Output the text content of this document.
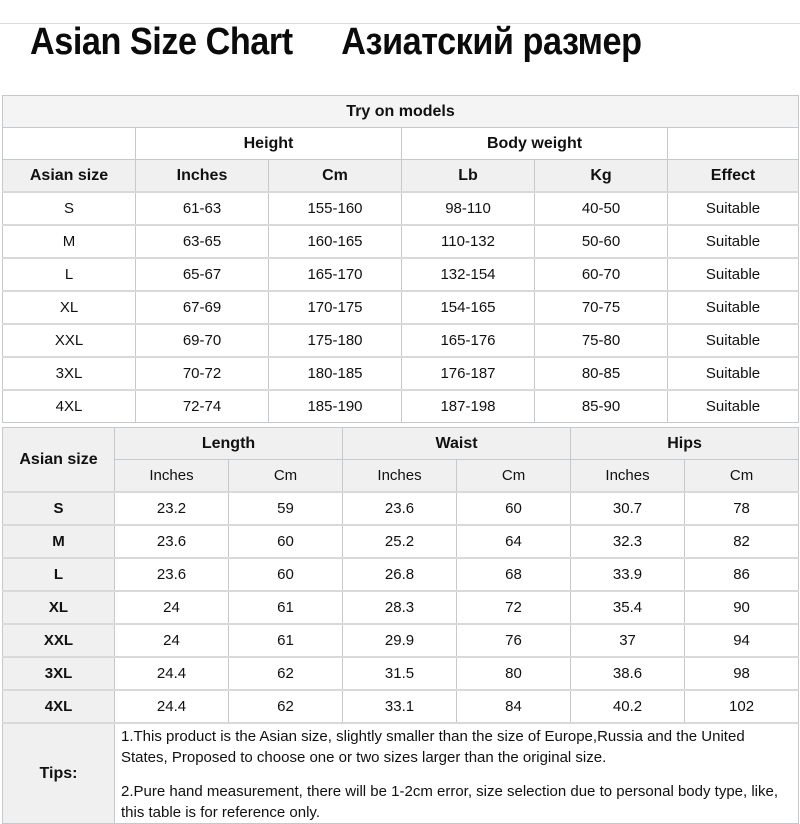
Asian Size Chart Азиатский размер
Try on models					
	Height		Body weight		
Asian size	Inches	Cm	Lb	Kg	Effect
S	61-63	155-160	98-110	40-50	Suitable
M	63-65	160-165	110-132	50-60	Suitable
L	65-67	165-170	132-154	60-70	Suitable
XL	67-69	170-175	154-165	70-75	Suitable
XXL	69-70	175-180	165-176	75-80	Suitable
3XL	70-72	180-185	176-187	80-85	Suitable
4XL	72-74	185-190	187-198	85-90	Suitable
Asian size	Length		Waist		Hips	
	Inches	Cm	Inches	Cm	Inches	Cm
S	23.2	59	23.6	60	30.7	78
M	23.6	60	25.2	64	32.3	82
L	23.6	60	26.8	68	33.9	86
XL	24	61	28.3	72	35.4	90
XXL	24	61	29.9	76	37	94
3XL	24.4	62	31.5	80	38.6	98
4XL	24.4	62	33.1	84	40.2	102
Tips:	1.This product is the Asian size, slightly smaller than the size of Europe,Russia and the United States, Proposed to choose one or two sizes larger than the original size.

2.Pure hand measurement, there will be 1-2cm error, size selection due to personal body type, like, this table is for reference only.					
